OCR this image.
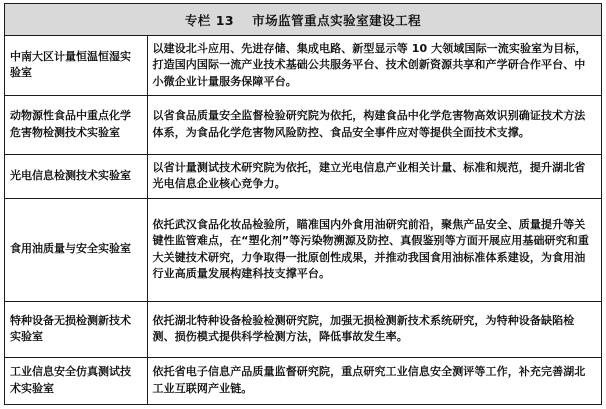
专栏 13 市场监管重点实验室建设工程
中南大区计量恒温恒湿实验室	以建设北斗应用、先进存储、集成电路、新型显示等 10 大领域国际一流实验室为目标，打造国内国际一流产业技术基础公共服务平台、技术创新资源共享和产学研合作平台、中小微企业计量服务保障平台。
动物源性食品中重点化学危害物检测技术实验室	以省食品质量安全监督检验研究院为依托，构建食品中化学危害物高效识别确证技术方法体系，为食品化学危害物风险防控、食品安全事件应对等提供全面技术支撑。
光电信息检测技术实验室	以省计量测试技术研究院为依托，建立光电信息产业相关计量、标准和规范，提升湖北省光电信息企业核心竞争力。
食用油质量与安全实验室	依托武汉食品化妆品检验所，瞄准国内外食用油研究前沿，聚焦产品安全、质量提升等关键性监管难点，在“塑化剂”等污染物溯源及防控、真假鉴别等方面开展应用基础研究和重大关键技术研究，力争取得一批原创性成果，并推动我国食用油标准体系建设，为食用油行业高质量发展构建科技支撑平台。
特种设备无损检测新技术实验室	依托湖北特种设备检验检测研究院，加强无损检测新技术系统研究，为特种设备缺陷检测、损伤模式提供科学检测方法，降低事故发生率。
工业信息安全仿真测试技术实验室	依托省电子信息产品质量监督研究院，重点研究工业信息安全测评等工作，补充完善湖北工业互联网产业链。
